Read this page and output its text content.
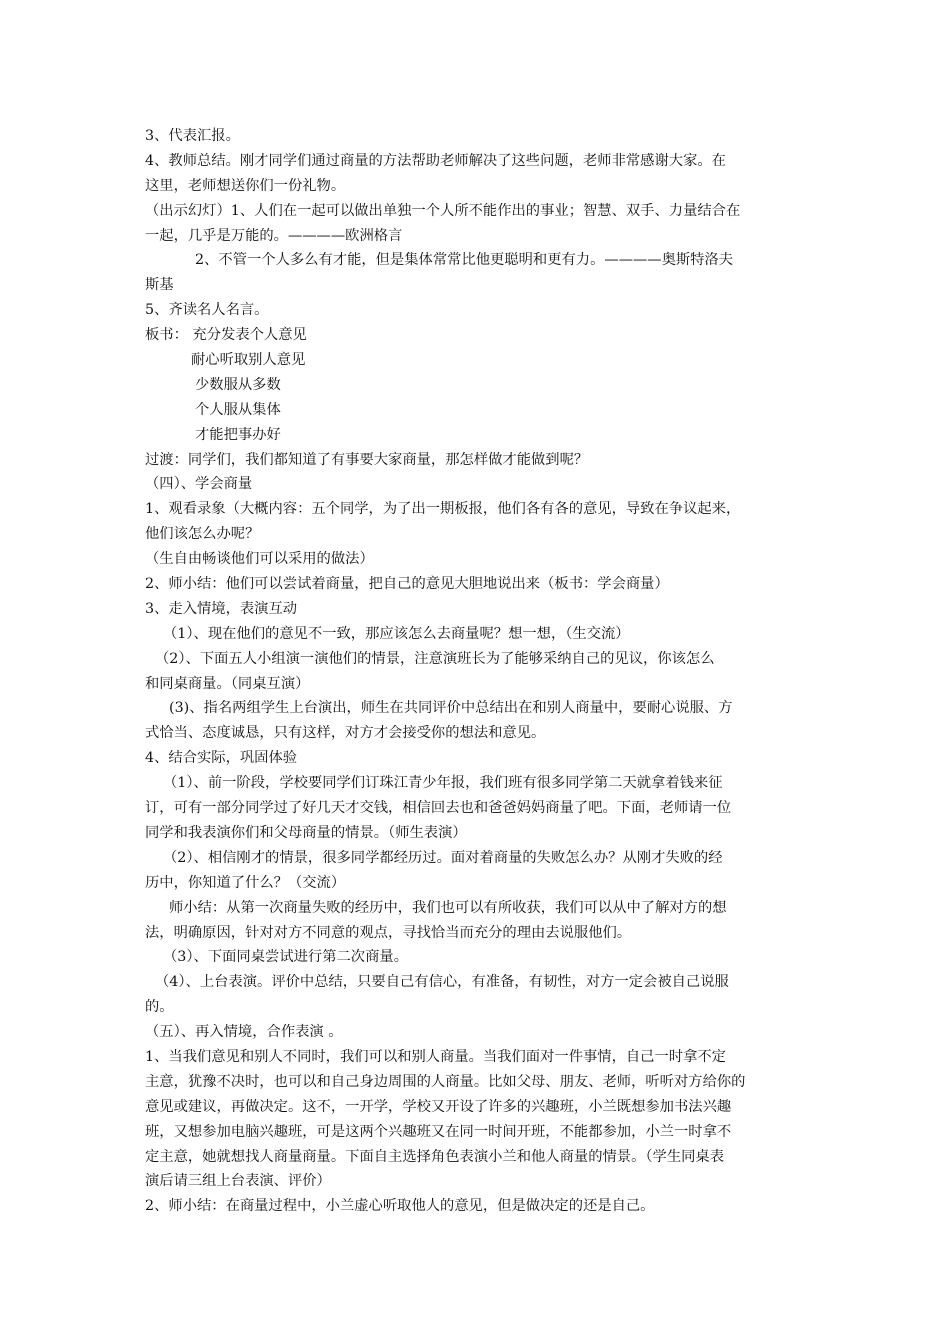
3、代表汇报。
4、教师总结。刚才同学们通过商量的方法帮助老师解决了这些问题，老师非常感谢大家。在
这里，老师想送你们一份礼物。
（出示幻灯）1、人们在一起可以做出单独一个人所不能作出的事业；智慧、双手、力量结合在
一起，几乎是万能的。————欧洲格言
2、不管一个人多么有才能，但是集体常常比他更聪明和更有力。————奥斯特洛夫
斯基
5、齐读名人名言。
板书： 充分发表个人意见
耐心听取别人意见
少数服从多数
个人服从集体
才能把事办好
过渡：同学们，我们都知道了有事要大家商量，那怎样做才能做到呢？
（四）、学会商量
1、观看录象（大概内容：五个同学，为了出一期板报，他们各有各的意见，导致在争议起来，
他们该怎么办呢？
（生自由畅谈他们可以采用的做法）
2、师小结：他们可以尝试着商量，把自己的意见大胆地说出来（板书：学会商量）
3、走入情境，表演互动
（1）、现在他们的意见不一致，那应该怎么去商量呢？想一想，（生交流）
（2）、下面五人小组演一演他们的情景，注意演班长为了能够采纳自己的见议，你该怎么
和同桌商量。（同桌互演）
(3)、指名两组学生上台演出，师生在共同评价中总结出在和别人商量中，要耐心说服、方
式恰当、态度诚恳，只有这样，对方才会接受你的想法和意见。
4、结合实际，巩固体验
（1）、前一阶段，学校要同学们订珠江青少年报，我们班有很多同学第二天就拿着钱来征
订，可有一部分同学过了好几天才交钱，相信回去也和爸爸妈妈商量了吧。下面，老师请一位
同学和我表演你们和父母商量的情景。（师生表演）
（2）、相信刚才的情景，很多同学都经历过。面对着商量的失败怎么办？从刚才失败的经
历中，你知道了什么？（交流）
师小结：从第一次商量失败的经历中，我们也可以有所收获，我们可以从中了解对方的想
法，明确原因，针对对方不同意的观点，寻找恰当而充分的理由去说服他们。
（3）、下面同桌尝试进行第二次商量。
（4）、上台表演。评价中总结，只要自己有信心，有准备，有韧性，对方一定会被自己说服
的。
（五）、再入情境，合作表演 。
1、当我们意见和别人不同时，我们可以和别人商量。当我们面对一件事情，自己一时拿不定
主意，犹豫不决时，也可以和自己身边周围的人商量。比如父母、朋友、老师，听听对方给你的
意见或建议，再做决定。这不，一开学，学校又开设了许多的兴趣班，小兰既想参加书法兴趣
班，又想参加电脑兴趣班，可是这两个兴趣班又在同一时间开班，不能都参加，小兰一时拿不
定主意，她就想找人商量商量。下面自主选择角色表演小兰和他人商量的情景。（学生同桌表
演后请三组上台表演、评价）
2、师小结：在商量过程中，小兰虚心听取他人的意见，但是做决定的还是自己。
